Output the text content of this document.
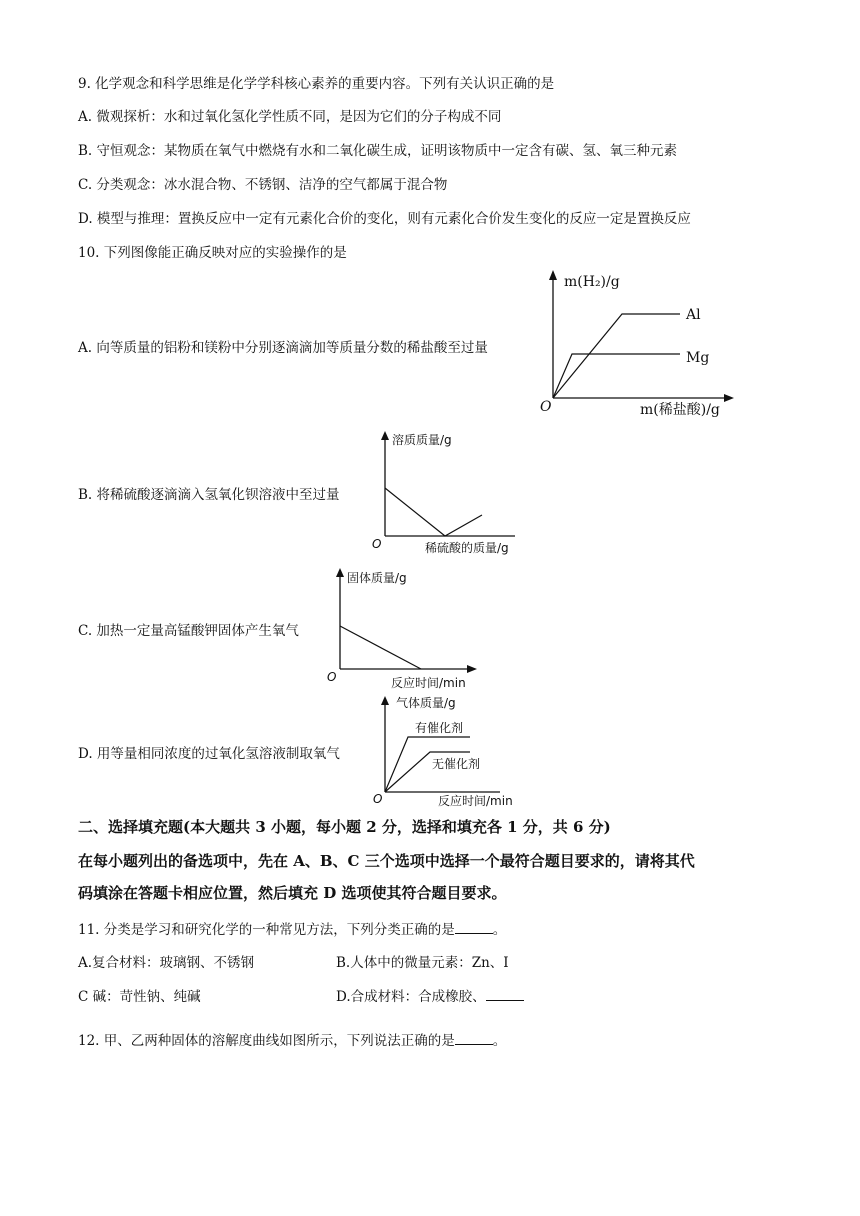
9. 化学观念和科学思维是化学学科核心素养的重要内容。下列有关认识正确的是
A. 微观探析：水和过氧化氢化学性质不同，是因为它们的分子构成不同
B. 守恒观念：某物质在氧气中燃烧有水和二氧化碳生成，证明该物质中一定含有碳、氢、氧三种元素
C. 分类观念：冰水混合物、不锈钢、洁净的空气都属于混合物
D. 模型与推理：置换反应中一定有元素化合价的变化，则有元素化合价发生变化的反应一定是置换反应
10. 下列图像能正确反映对应的实验操作的是
A. 向等质量的铝粉和镁粉中分别逐滴滴加等质量分数的稀盐酸至过量
m(H₂)/g
m(稀盐酸)/g
O
Al
Mg
B. 将稀硫酸逐滴滴入氢氧化钡溶液中至过量
溶质质量/g
稀硫酸的质量/g
O
C. 加热一定量高锰酸钾固体产生氧气
固体质量/g
反应时间/min
O
D. 用等量相同浓度的过氧化氢溶液制取氧气
气体质量/g
反应时间/min
O
有催化剂
无催化剂
二、选择填充题(本大题共 3 小题，每小题 2 分，选择和填充各 1 分，共 6 分)
在每小题列出的备选项中，先在 A、B、C 三个选项中选择一个最符合题目要求的，请将其代
码填涂在答题卡相应位置，然后填充 D 选项使其符合题目要求。
11. 分类是学习和研究化学的一种常见方法，下列分类正确的是	。
A.复合材料：玻璃钢、不锈钢	B.人体中的微量元素：Zn、I
C 碱：苛性钠、纯碱	D.合成材料：合成橡胶、
12. 甲、乙两种固体的溶解度曲线如图所示，下列说法正确的是	。
